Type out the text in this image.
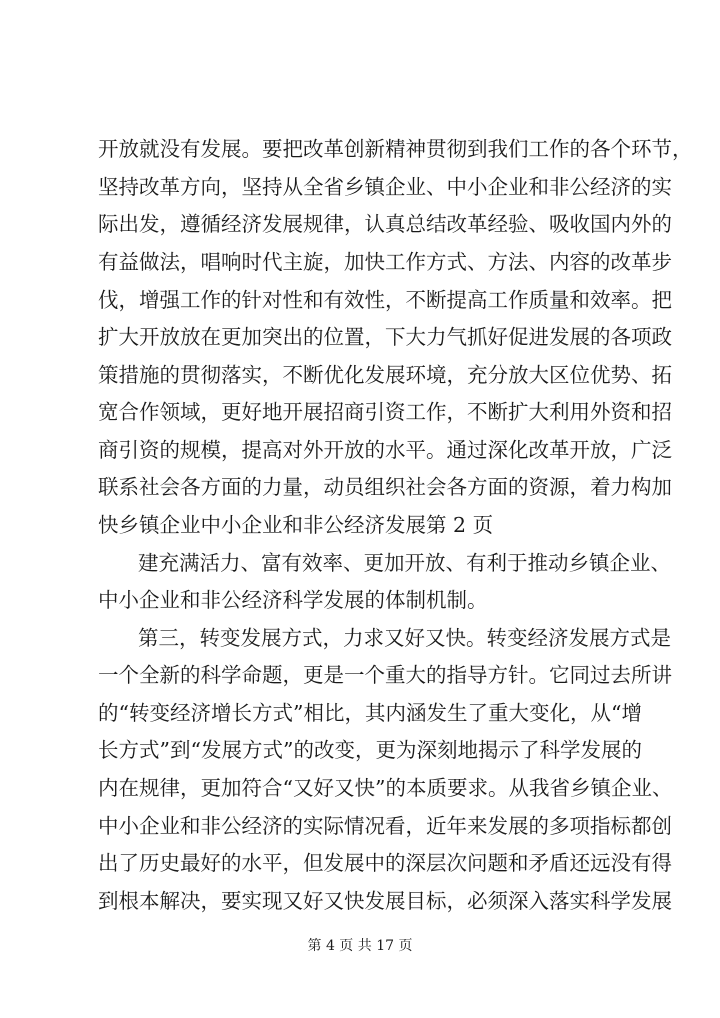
开放就没有发展。要把改革创新精神贯彻到我们工作的各个环节，
坚持改革方向，坚持从全省乡镇企业、中小企业和非公经济的实
际出发，遵循经济发展规律，认真总结改革经验、吸收国内外的
有益做法，唱响时代主旋，加快工作方式、方法、内容的改革步
伐，增强工作的针对性和有效性，不断提高工作质量和效率。把
扩大开放放在更加突出的位置，下大力气抓好促进发展的各项政
策措施的贯彻落实，不断优化发展环境，充分放大区位优势、拓
宽合作领域，更好地开展招商引资工作，不断扩大利用外资和招
商引资的规模，提高对外开放的水平。通过深化改革开放，广泛
联系社会各方面的力量，动员组织社会各方面的资源，着力构加
快乡镇企业中小企业和非公经济发展第 2 页
建充满活力、富有效率、更加开放、有利于推动乡镇企业、
中小企业和非公经济科学发展的体制机制。
第三，转变发展方式，力求又好又快。转变经济发展方式是
一个全新的科学命题，更是一个重大的指导方针。它同过去所讲
的“转变经济增长方式”相比，其内涵发生了重大变化，从“增
长方式”到“发展方式”的改变，更为深刻地揭示了科学发展的
内在规律，更加符合“又好又快”的本质要求。从我省乡镇企业、
中小企业和非公经济的实际情况看，近年来发展的多项指标都创
出了历史最好的水平，但发展中的深层次问题和矛盾还远没有得
到根本解决，要实现又好又快发展目标，必须深入落实科学发展
第 4 页 共 17 页
